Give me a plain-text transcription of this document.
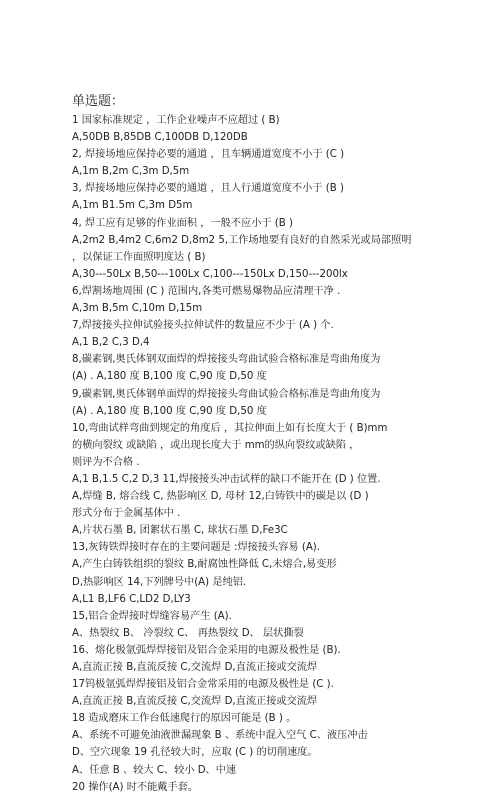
单选题：
1 国家标准规定 ，工作企业噪声不应超过 ( B)
A,50DB B,85DB C,100DB D,120DB
2, 焊接场地应保持必要的通道 ，且车辆通道宽度不小于 (C )
A,1m B,2m C,3m D,5m
3, 焊接场地应保持必要的通道 ，且人行通道宽度不小于 (B )
A,1m B1.5m C,3m D5m
4, 焊工应有足够的作业面积 ，一般不应小于 (B )
A,2m2 B,4m2 C,6m2 D,8m2 5,工作场地要有良好的自然采光或局部照明
，以保证工作面照明度达 ( B)
A,30---50Lx B,50---100Lx C,100---150Lx D,150---200lx
6,焊割场地周围 (C ) 范围内,各类可燃易爆物品应清理干净 .
A,3m B,5m C,10m D,15m
7,焊接接头拉伸试验接头拉伸试件的数量应不少于 (A ) 个.
A,1 B,2 C,3 D,4
8,碳素钢,奥氏体钢双面焊的焊接接头弯曲试验合格标准是弯曲角度为
(A) . A,180 度 B,100 度 C,90 度 D,50 度
9,碳素钢,奥氏体钢单面焊的焊接接头弯曲试验合格标准是弯曲角度为
(A) . A,180 度 B,100 度 C,90 度 D,50 度
10,弯曲试样弯曲到规定的角度后 ，其拉伸面上如有长度大于 ( B)mm
的横向裂纹 或缺陷 ，或出现长度大于 mm的纵向裂纹或缺陷 ，
则评为不合格 .
A,1 B,1.5 C,2 D,3 11,焊接接头冲击试样的缺口不能开在 (D ) 位置.
A,焊缝 B, 熔合线 C, 热影响区 D, 母材 12,白铸铁中的碳是以 (D )
形式分布于金属基体中 .
A,片状石墨 B, 团絮状石墨 C, 球状石墨 D,Fe3C
13,灰铸铁焊接时存在的主要问题是 :焊接接头容易 (A).
A,产生白铸铁组织的裂纹 B,耐腐蚀性降低 C,未熔合,易变形
D,热影响区 14,下列牌号中(A) 是纯铝.
A,L1 B,LF6 C,LD2 D,LY3
15,铝合金焊接时焊缝容易产生 (A).
A、热裂纹 B、 冷裂纹 C、 再热裂纹 D、 层状撕裂
16、熔化极氩弧焊焊接铝及铝合金采用的电源及极性是 (B).
A,直流正接 B,直流反接 C,交流焊 D,直流正接或交流焊
17钨极氩弧焊焊接铝及铝合金常采用的电源及极性是 (C ).
A,直流正接 B,直流反接 C,交流焊 D,直流正接或交流焊
18 造成磨床工作台低速爬行的原因可能是 (B ) 。
A、系统不可避免油液泄漏现象 B 、系统中混入空气 C、液压冲击
D、空穴现象 19 孔径较大时，应取 (C ) 的切削速度。
A、任意 B 、较大 C、较小 D、中速
20 操作(A) 时不能戴手套。
